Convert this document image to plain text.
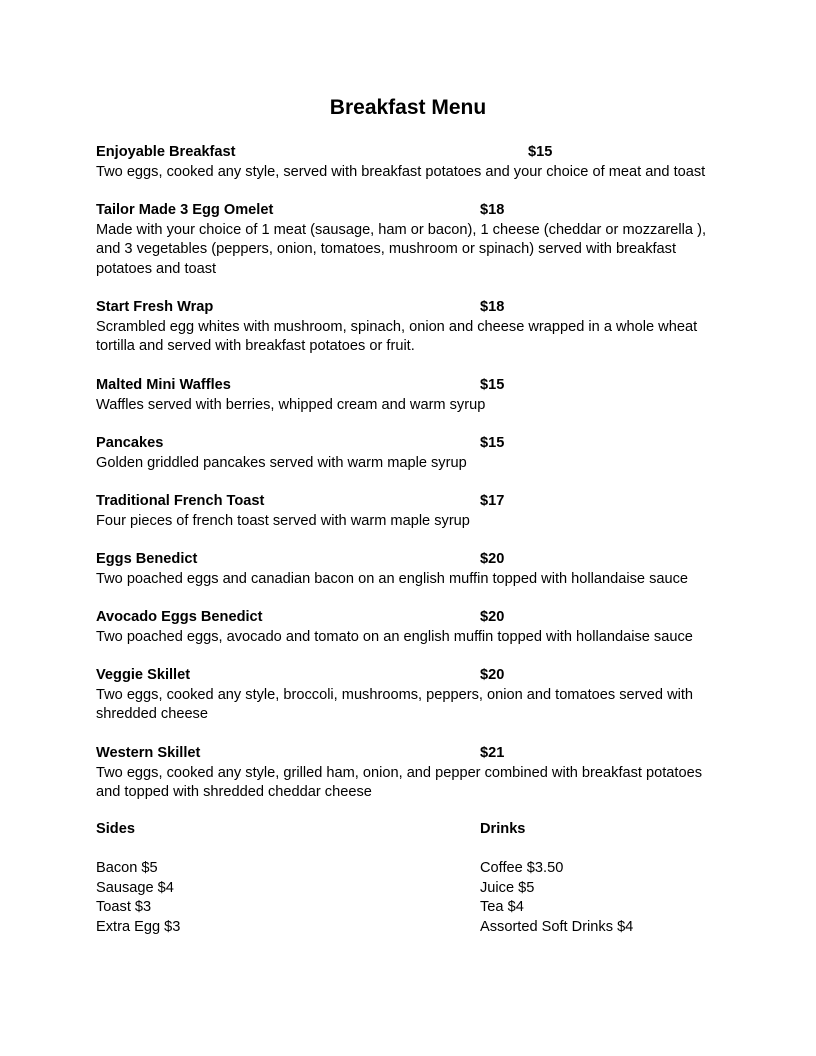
Breakfast Menu
Enjoyable Breakfast	$15
Two eggs, cooked any style, served with breakfast potatoes and your choice of meat and toast
Tailor Made 3 Egg Omelet	$18
Made with your choice of 1 meat (sausage, ham or bacon), 1 cheese (cheddar or mozzarella ),
and 3 vegetables (peppers, onion, tomatoes, mushroom or spinach) served with breakfast
potatoes and toast
Start Fresh Wrap	$18
Scrambled egg whites with mushroom, spinach, onion and cheese wrapped in a whole wheat
tortilla and served with breakfast potatoes or fruit.
Malted Mini Waffles	$15
Waffles served with berries, whipped cream and warm syrup
Pancakes	$15
Golden griddled pancakes served with warm maple syrup
Traditional French Toast	$17
Four pieces of french toast served with warm maple syrup
Eggs Benedict	$20
Two poached eggs and canadian bacon on an english muffin topped with hollandaise sauce
Avocado Eggs Benedict	$20
Two poached eggs, avocado and tomato on an english muffin topped with hollandaise sauce
Veggie Skillet	$20
Two eggs, cooked any style, broccoli, mushrooms, peppers, onion and tomatoes served with
shredded cheese
Western Skillet	$21
Two eggs, cooked any style, grilled ham, onion, and pepper combined with breakfast potatoes
and topped with shredded cheddar cheese
Sides
Bacon $5
Sausage $4
Toast $3
Extra Egg $3
Drinks
Coffee $3.50
Juice $5
Tea $4
Assorted Soft Drinks $4
